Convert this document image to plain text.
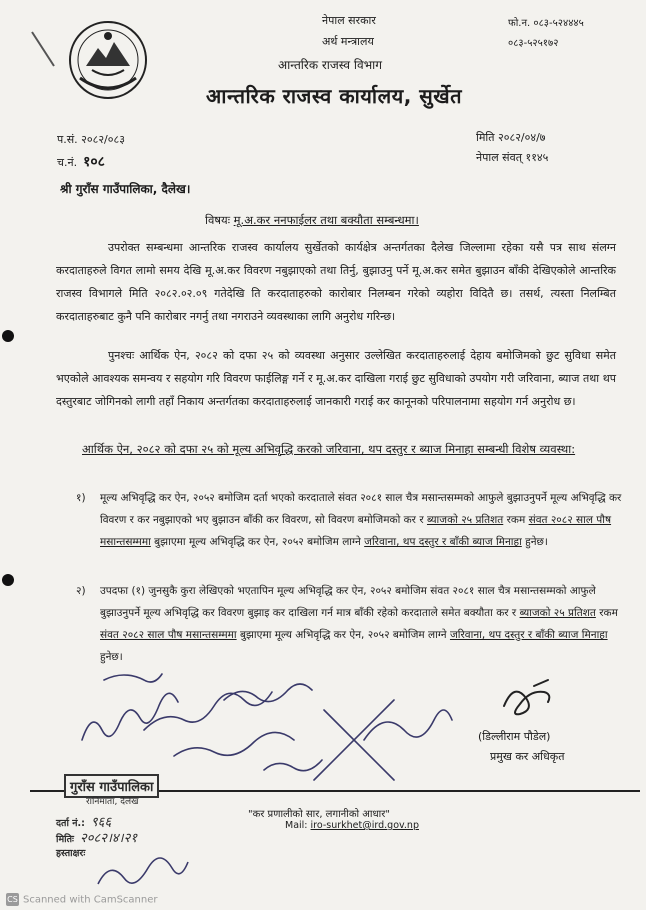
नेपाल सरकार
अर्थ मन्त्रालय
आन्तरिक राजस्व विभाग
आन्तरिक राजस्व कार्यालय, सुर्खेत
फो.न. ०८३-५२४४४५
०८३-५२५१७२
प.सं. २०८२/०८३
च.नं. १०८
मिति २०८२/०४/७
नेपाल संवत् ११४५
श्री गुराँस गाउँपालिका, दैलेख।
विषयः मू.अ.कर ननफाईलर तथा बक्यौता सम्बन्धमा।
उपरोक्त सम्बन्धमा आन्तरिक राजस्व कार्यालय सुर्खेतको कार्यक्षेत्र अन्तर्गतका दैलेख जिल्लामा रहेका यसै पत्र साथ संलग्न करदाताहरुले विगत लामो समय देखि मू.अ.कर विवरण नबुझाएको तथा तिर्नु, बुझाउनु पर्ने मू.अ.कर समेत बुझाउन बाँकी देखिएकोले आन्तरिक राजस्व विभागले मिति २०८२.०२.०९ गतेदेखि ति करदाताहरुको कारोबार निलम्बन गरेको व्यहोरा विदितै छ। तसर्थ, त्यस्ता निलम्बित करदाताहरुबाट कुनै पनि कारोबार नगर्नु तथा नगराउने व्यवस्थाका लागि अनुरोध गरिन्छ।
पुनश्चः आर्थिक ऐन, २०८२ को दफा २५ को व्यवस्था अनुसार उल्लेखित करदाताहरुलाई देहाय बमोजिमको छुट सुविधा समेत भएकोले आवश्यक समन्वय र सहयोग गरि विवरण फाईलिङ्ग गर्ने र मू.अ.कर दाखिला गराई छुट सुविधाको उपयोग गरी जरिवाना, ब्याज तथा थप दस्तुरबाट जोगिनको लागी तहाँ निकाय अन्तर्गतका करदाताहरुलाई जानकारी गराई कर कानूनको परिपालनामा सहयोग गर्न अनुरोध छ।
आर्थिक ऐन, २०८२ को दफा २५ को मूल्य अभिवृद्धि करको जरिवाना, थप दस्तुर र ब्याज मिनाहा सम्बन्धी विशेष व्यवस्था:
१) मूल्य अभिवृद्धि कर ऐन, २०५२ बमोजिम दर्ता भएको करदाताले संवत २०८१ साल चैत्र मसान्तसम्मको आफुले बुझाउनुपर्ने मूल्य अभिवृद्धि कर विवरण र कर नबुझाएको भए बुझाउन बाँकी कर विवरण, सो विवरण बमोजिमको कर र ब्याजको २५ प्रतिशत रकम संवत २०८२ साल पौष मसान्तसम्ममा बुझाएमा मूल्य अभिवृद्धि कर ऐन, २०५२ बमोजिम लाग्ने जरिवाना, थप दस्तुर र बाँकी ब्याज मिनाहा हुनेछ।
२) उपदफा (१) जुनसुकै कुरा लेखिएको भएतापिन मूल्य अभिवृद्धि कर ऐन, २०५२ बमोजिम संवत २०८१ साल चैत्र मसान्तसम्मको आफुले बुझाउनुपर्ने मूल्य अभिवृद्धि कर विवरण बुझाइ कर दाखिला गर्न मात्र बाँकी रहेको करदाताले समेत बक्यौता कर र ब्याजको २५ प्रतिशत रकम संवत २०८२ साल पौष मसान्तसम्ममा बुझाएमा मूल्य अभिवृद्धि कर ऐन, २०५२ बमोजिम लाग्ने जरिवाना, थप दस्तुर र बाँकी ब्याज मिनाहा हुनेछ।
(डिल्लीराम पौडेल)
प्रमुख कर अधिकृत
"कर प्रणालीको सार, लगानीको आधार"
Mail: iro-surkhet@ird.gov.np
गुराँस गाउँपालिका
रानिमाता, दैलेख
दर्ता नं.: ९६६
मितिः २०८२।४।२१
हस्ताक्षरः
CS Scanned with CamScanner
